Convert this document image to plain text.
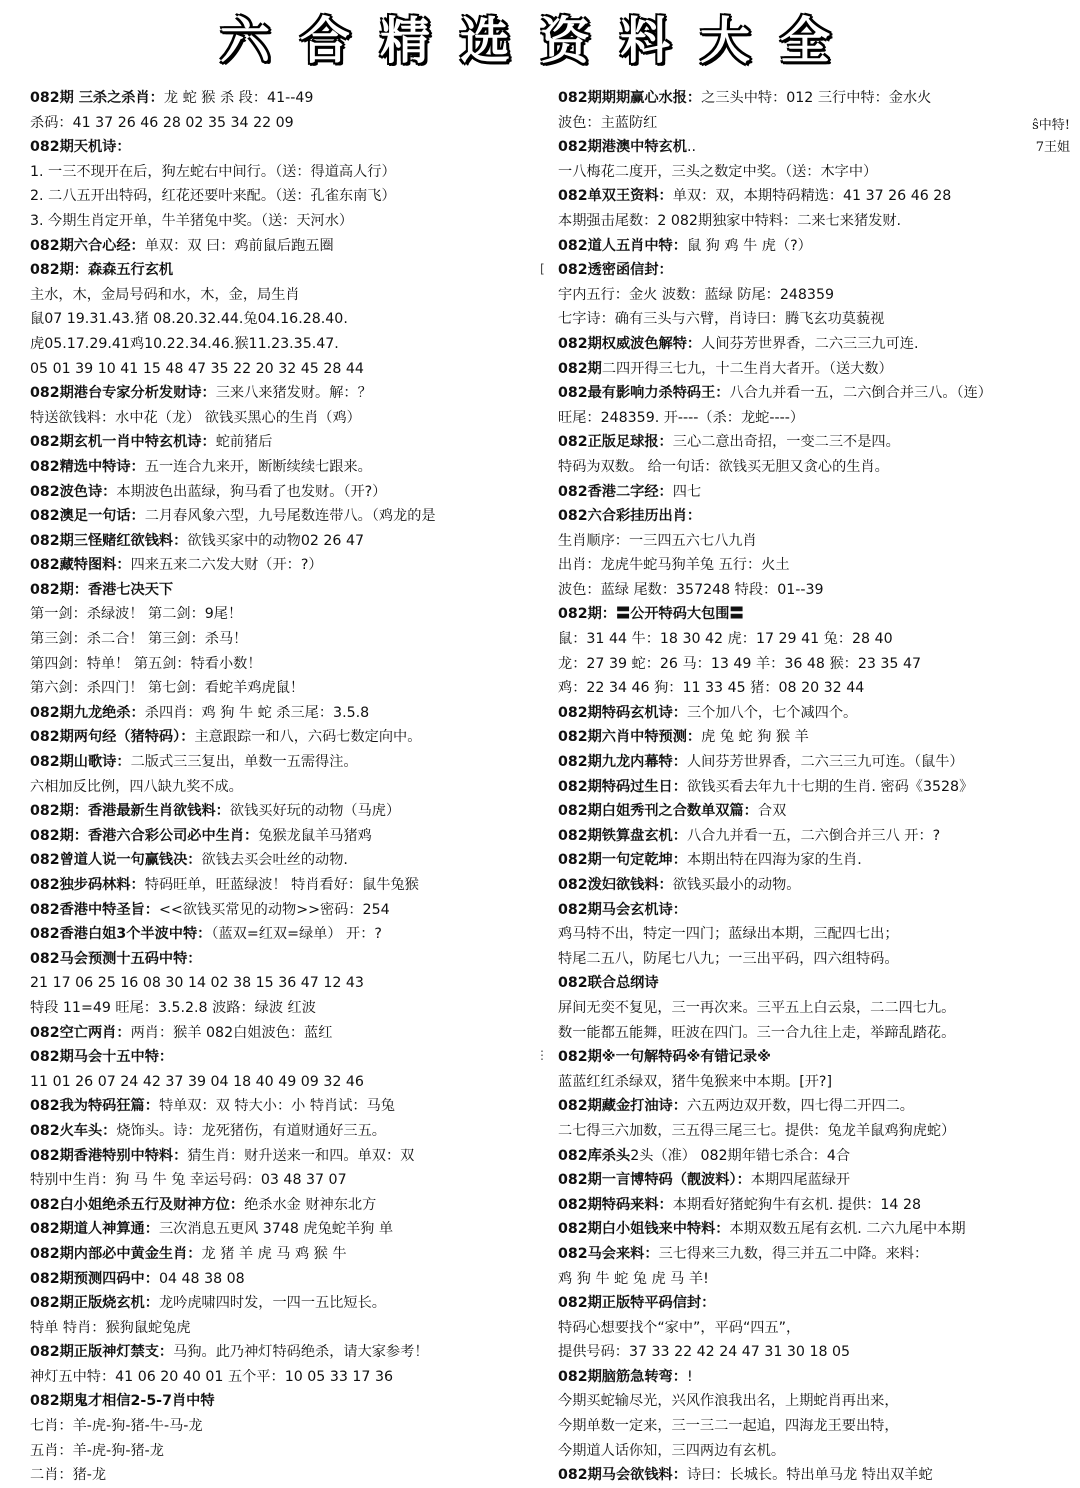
六合精选资料大全
ŝ中特!
7王姐
[
⋮
082期 三杀之杀肖：龙 蛇 猴 杀 段：41--49
杀码：41 37 26 46 28 02 35 34 22 09
082期天机诗：
1. 一三不现开在后，狗左蛇右中间行。（送：得道高人行）
2. 二八五开出特码，红花还要叶来配。（送：孔雀东南飞）
3. 今期生肖定开单，牛羊猪兔中奖。（送：天河水）
082期六合心经：单双：双 曰：鸡前鼠后跑五圈
082期：森森五行玄机
主水，木，金局号码和水，木，金，局生肖
鼠07 19.31.43.猪 08.20.32.44.兔04.16.28.40.
虎05.17.29.41鸡10.22.34.46.猴11.23.35.47.
05 01 39 10 41 15 48 47 35 22 20 32 45 28 44
082期港台专家分析发财诗：三来八来猪发财。解：？
特送欲钱料：水中花（龙） 欲钱买黑心的生肖（鸡）
082期玄机一肖中特玄机诗：蛇前猪后
082精选中特诗：五一连合九来开，断断续续七跟来。
082波色诗：本期波色出蓝绿，狗马看了也发财。（开?）
082澳足一句话：二月春风象六型，九号尾数连带八。（鸡龙的是
082期三怪赌红欲钱料：欲钱买家中的动物02 26 47
082藏特图料：四来五来二六发大财（开：?）
082期：香港七决天下
第一剑：杀绿波！ 第二剑：9尾！
第三剑：杀二合！ 第三剑：杀马！
第四剑：特单！ 第五剑：特看小数！
第六剑：杀四门！ 第七剑：看蛇羊鸡虎鼠！
082期九龙绝杀：杀四肖：鸡 狗 牛 蛇 杀三尾：3.5.8
082期两句经（猪特码）：主意跟踪一和八，六码七数定向中。
082期山歌诗：二版式三三复出，单数一五需得注。
六相加反比例，四八缺九奖不成。
082期：香港最新生肖欲钱料：欲钱买好玩的动物（马虎）
082期：香港六合彩公司必中生肖：兔猴龙鼠羊马猪鸡
082曾道人说一句赢钱决：欲钱去买会吐丝的动物.
082独步码林料：特码旺单，旺蓝绿波！ 特肖看好：鼠牛兔猴
082香港中特圣旨：<<欲钱买常见的动物>>密码：254
082香港白姐3个半波中特：（蓝双=红双=绿单） 开：?
082马会预测十五码中特：
21 17 06 25 16 08 30 14 02 38 15 36 47 12 43
特段 11=49 旺尾：3.5.2.8 波路：绿波 红波
082空亡两肖：两肖：猴羊 082白姐波色：蓝红
082期马会十五中特：
11 01 26 07 24 42 37 39 04 18 40 49 09 32 46
082我为特码狂篇：特单双：双 特大小：小 特肖试：马兔
082火车头：烧饰头。诗：龙死猪伤，有道财通好三五。
082期香港特别中特料：猜生肖：财升送来一和四。单双：双
特别中生肖：狗 马 牛 兔 幸运号码：03 48 37 07
082白小姐绝杀五行及财神方位：绝杀水金 财神东北方
082期道人神算通：三次消息五更风 3748 虎兔蛇羊狗 单
082期内部必中黄金生肖：龙 猪 羊 虎 马 鸡 猴 牛
082期预测四码中：04 48 38 08
082期正版烧玄机：龙吟虎啸四时发，一四一五比短长。
特单 特肖：猴狗鼠蛇兔虎
082期正版神灯禁支：马狗。此乃神灯特码绝杀，请大家参考！
神灯五中特：41 06 20 40 01 五个平：10 05 33 17 36
082期鬼才相信2-5-7肖中特
七肖：羊-虎-狗-猪-牛-马-龙
五肖：羊-虎-狗-猪-龙
二肖：猪-龙
082期期期赢心水报：之三头中特：012 三行中特：金水火
波色：主蓝防红
082期港澳中特玄机..
一八梅花二度开，三头之数定中奖。（送：木字中）
082单双王资料：单双：双，本期特码精选：41 37 26 46 28
本期强击尾数：2 082期独家中特料：二来七来猪发财.
082道人五肖中特：鼠 狗 鸡 牛 虎（?）
082透密函信封：
宇内五行：金火 波数：蓝绿 防尾：248359
七字诗：确有三头与六臂，肖诗曰：腾飞玄功莫藐视
082期权威波色解特：人间芬芳世界香，二六三三九可连.
082期二四开得三七九，十二生肖大者开。（送大数）
082最有影响力杀特码王：八合九并看一五，二六倒合并三八。（连）
旺尾：248359. 开----（杀：龙蛇----）
082正版足球报：三心二意出奇招，一变二三不是四。
特码为双数。 给一句话：欲钱买无胆又贪心的生肖。
082香港二字经：四七
082六合彩挂历出肖：
生肖顺序：一三四五六七八九肖
出肖：龙虎牛蛇马狗羊兔 五行：火土
波色：蓝绿 尾数：357248 特段：01--39
082期：〓公开特码大包围〓
鼠：31 44 牛：18 30 42 虎：17 29 41 兔：28 40
龙：27 39 蛇：26 马：13 49 羊：36 48 猴：23 35 47
鸡：22 34 46 狗：11 33 45 猪：08 20 32 44
082期特码玄机诗：三个加八个，七个减四个。
082期六肖中特预测：虎 兔 蛇 狗 猴 羊
082期九龙内幕特：人间芬芳世界香，二六三三九可连。（鼠牛）
082期特码过生日：欲钱买看去年九十七期的生肖. 密码《3528》
082期白姐秀刊之合数单双篇：合双
082期铁算盘玄机：八合九并看一五，二六倒合并三八 开：?
082期一句定乾坤：本期出特在四海为家的生肖.
082泼妇欲钱料：欲钱买最小的动物。
082期马会玄机诗：
鸡马特不出，特定一四门；蓝绿出本期，三配四七出；
特尾二五八，防尾七八九；一三出平码，四六组特码。
082联合总纲诗
屏间无奕不复见，三一再次来。三平五上白云泉，二二四七九。
数一能都五能舞，旺波在四门。三一合九往上走，举蹄乱踏花。
082期※一句解特码※有错记录※
蓝蓝红红杀绿双，猪牛兔猴来中本期。[开?]
082期藏金打油诗：六五两边双开数，四七得二开四二。
二七得三六加数，三五得三尾三七。提供：兔龙羊鼠鸡狗虎蛇）
082库杀头2头（准） 082期年错七杀合：4合
082期一言博特码（靓波料）：本期四尾蓝绿开
082期特码来料：本期看好猪蛇狗牛有玄机. 提供：14 28
082期白小姐钱来中特料：本期双数五尾有玄机. 二六九尾中本期
082马会来料：三七得来三九数，得三并五二中降。来料：
鸡 狗 牛 蛇 兔 虎 马 羊!
082期正版特平码信封：
特码心想要找个“家中”，平码“四五”，
提供号码：37 33 22 42 24 47 31 30 18 05
082期脑筋急转弯：!
今期买蛇输尽光，兴风作浪我出名，上期蛇肖再出来，
今期单数一定来，三一三二一起追，四海龙王要出特，
今期道人话你知，三四两边有玄机。
082期马会欲钱料：诗曰：长城长。特出单马龙 特出双羊蛇
